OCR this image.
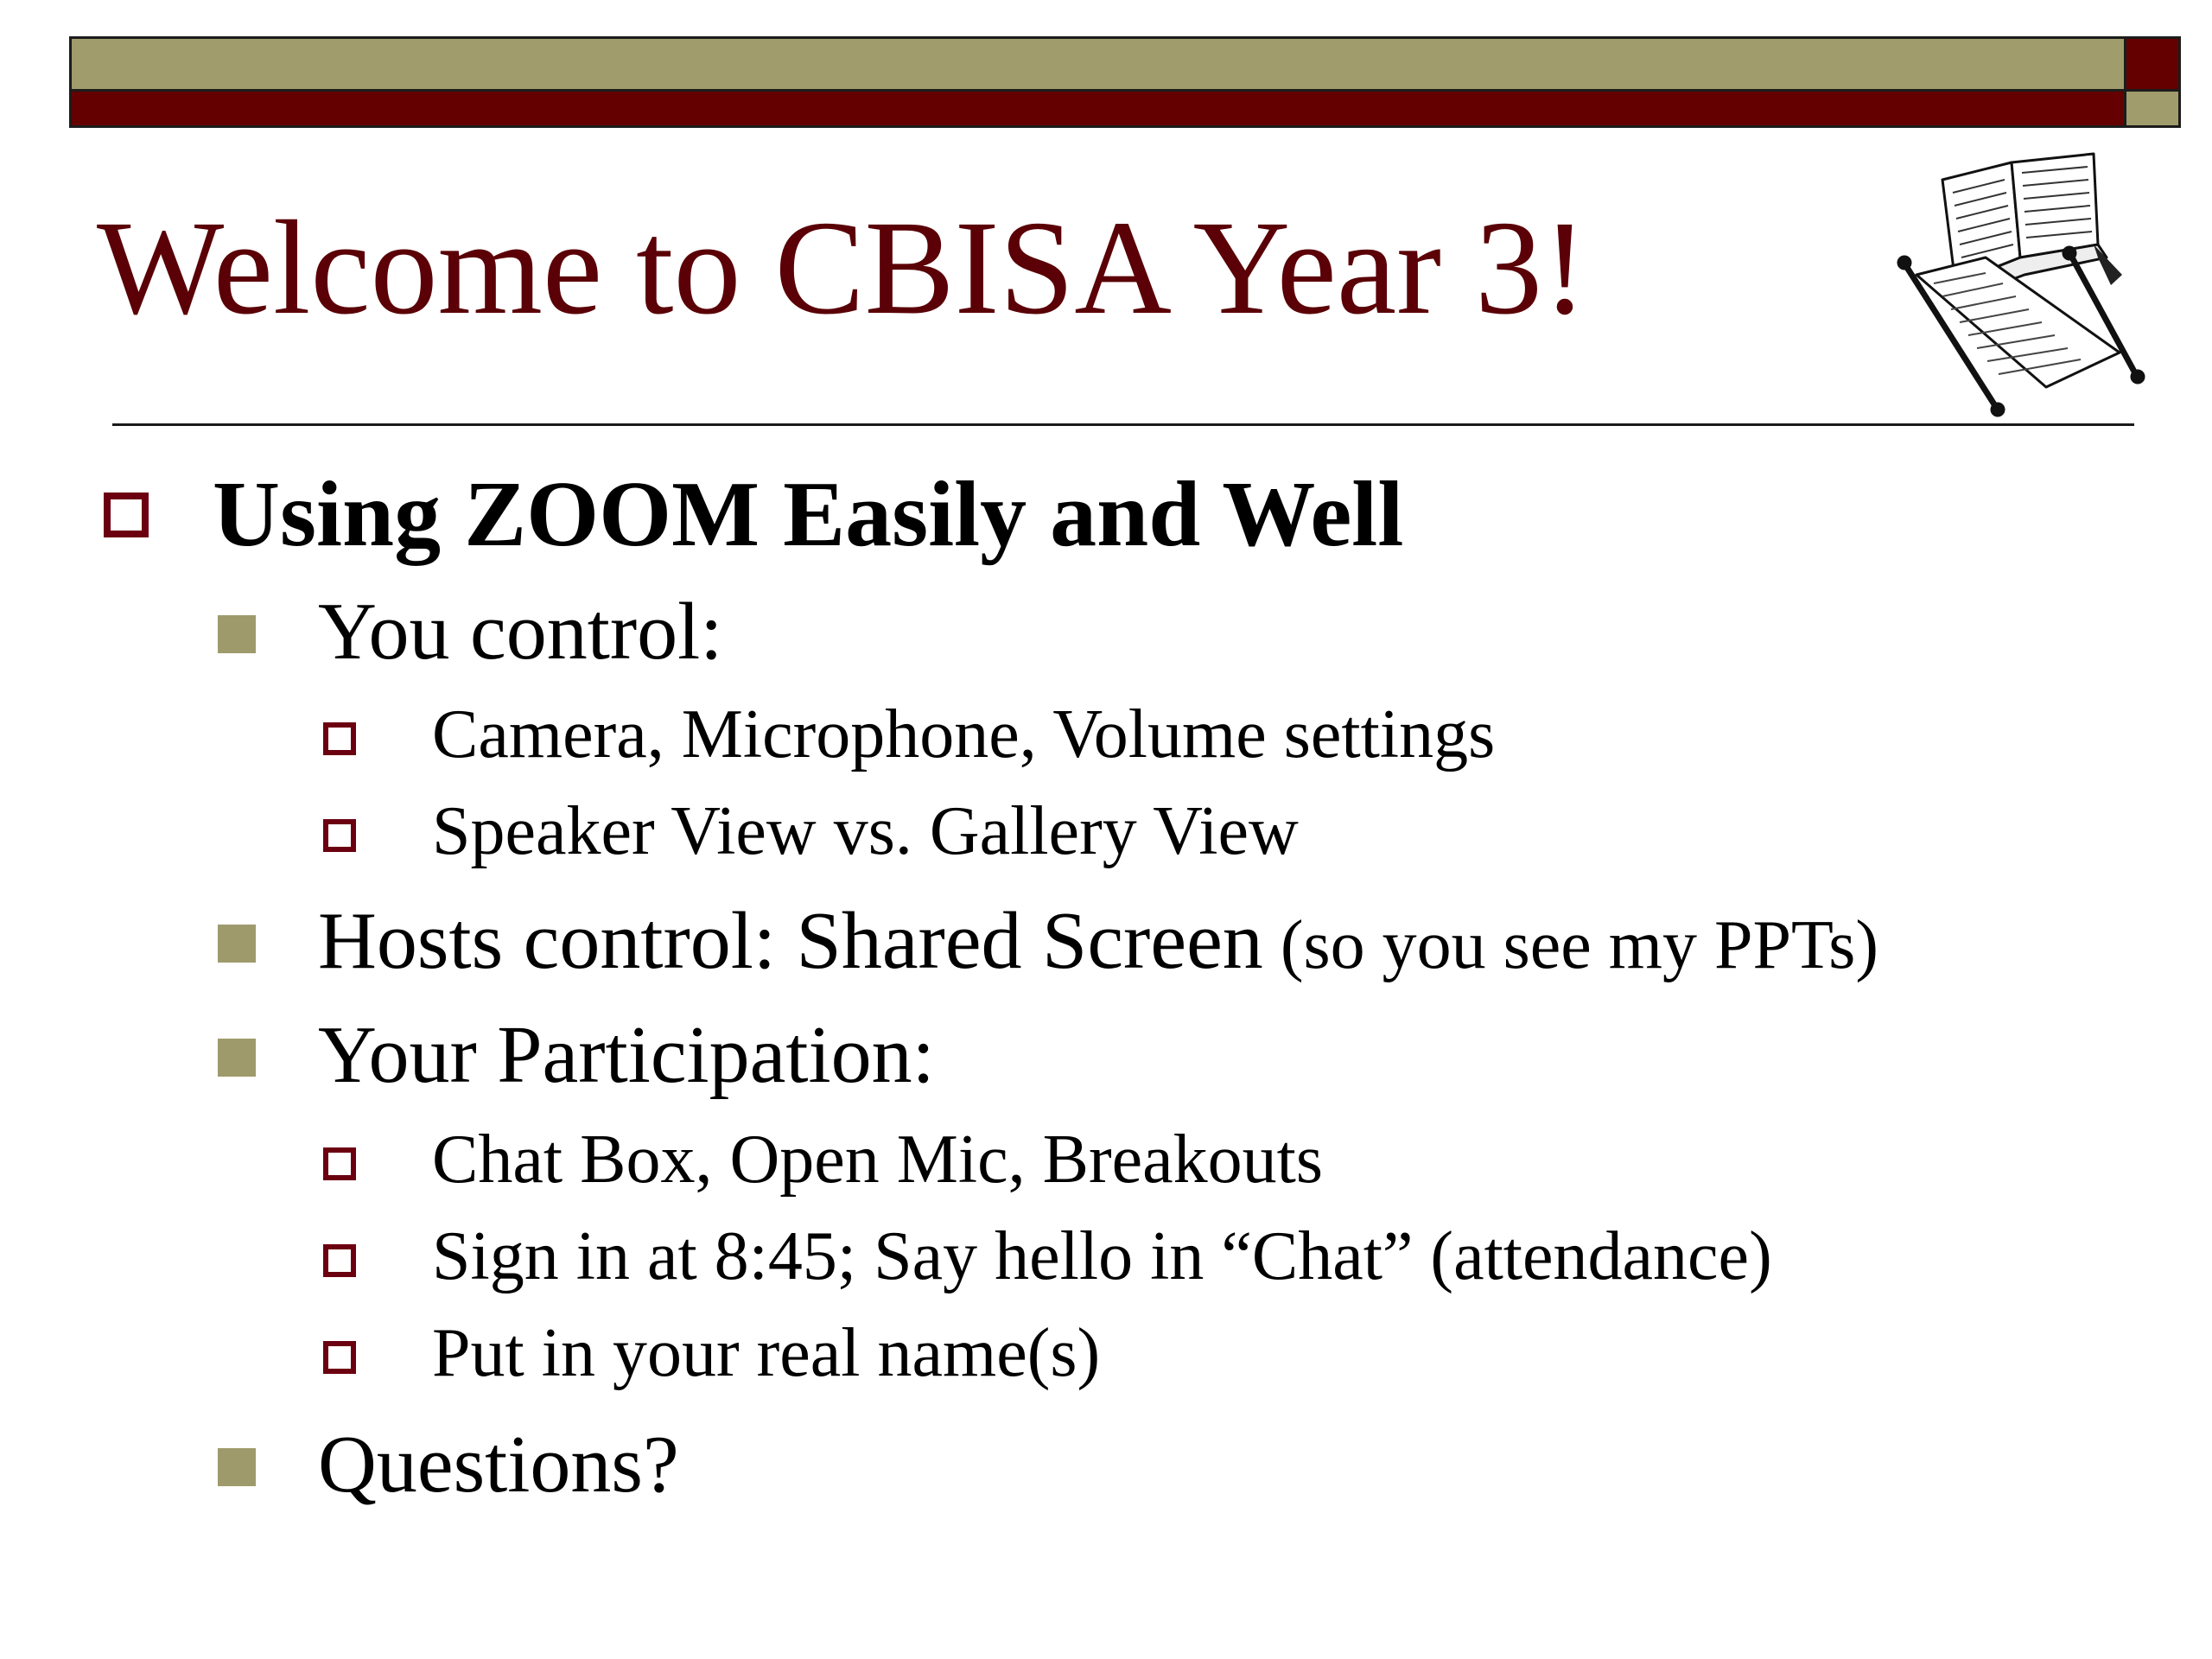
Welcome to CBISA Year 3!
Using ZOOM Easily and Well
You control:
Camera, Microphone, Volume settings
Speaker View vs. Gallery View
Hosts control: Shared Screen (so you see my PPTs)
Your Participation:
Chat Box, Open Mic, Breakouts
Sign in at 8:45; Say hello in “Chat” (attendance)
Put in your real name(s)
Questions?
